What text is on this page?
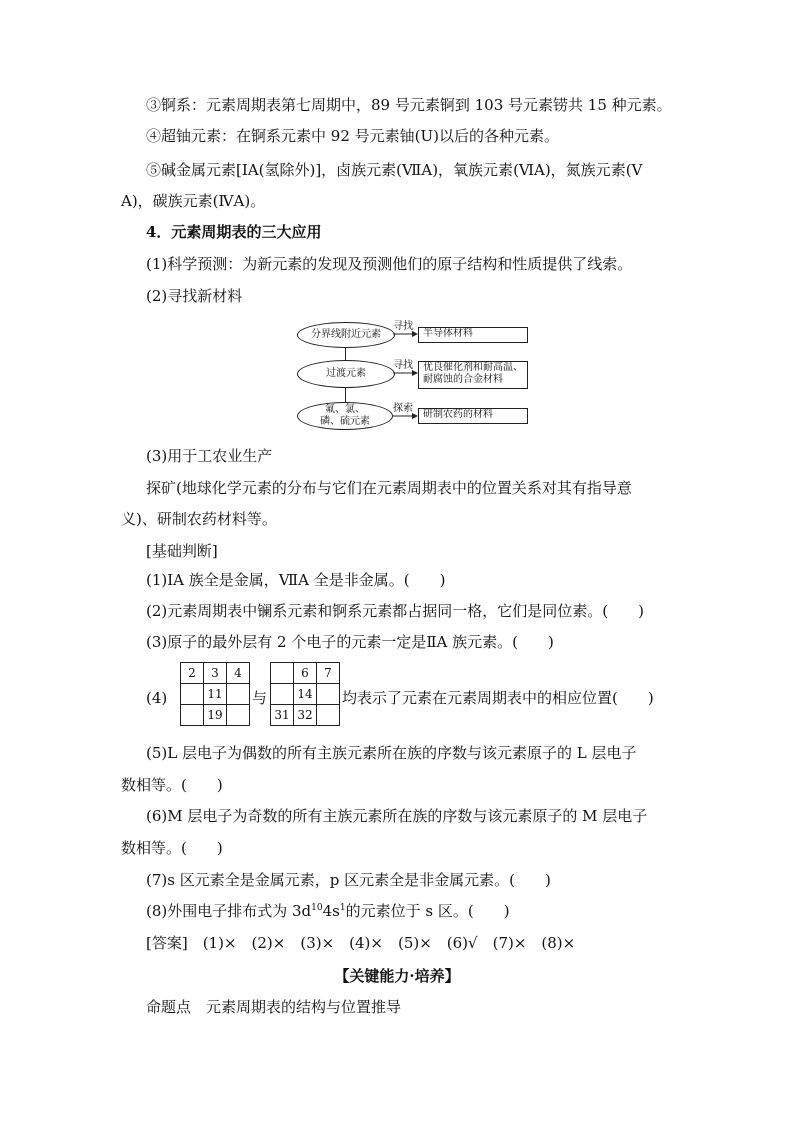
③锕系：元素周期表第七周期中，89 号元素锕到 103 号元素铹共 15 种元素。
④超铀元素：在锕系元素中 92 号元素铀(U)以后的各种元素。
⑤碱金属元素[ⅠA(氢除外)]，卤族元素(ⅦA)，氧族元素(ⅥA)，氮族元素(Ⅴ
A)，碳族元素(ⅣA)。
4．元素周期表的三大应用
(1)科学预测：为新元素的发现及预测他们的原子结构和性质提供了线索。
(2)寻找新材料
分界线附近元素
过渡元素
氟、氯、磷、硫元素
寻找
寻找
探索
半导体材料
优良催化剂和耐高温、耐腐蚀的合金材料
研制农药的材料
(3)用于工农业生产
探矿(地球化学元素的分布与它们在元素周期表中的位置关系对其有指导意
义)、研制农药材料等。
[基础判断]
(1)ⅠA 族全是金属，ⅦA 全是非金属。(　　)
(2)元素周期表中镧系元素和锕系元素都占据同一格，它们是同位素。(　　)
(3)原子的最外层有 2 个电子的元素一定是ⅡA 族元素。(　　)
(4)
2	3	4
	11	
	19	
与
	6	7
	14	
31	32	
均表示了元素在元素周期表中的相应位置(　　)
(5)L 层电子为偶数的所有主族元素所在族的序数与该元素原子的 L 层电子
数相等。(　　)
(6)M 层电子为奇数的所有主族元素所在族的序数与该元素原子的 M 层电子
数相等。(　　)
(7)s 区元素全是金属元素，p 区元素全是非金属元素。(　　)
(8)外围电子排布式为 $3d^{10}4s^1$的元素位于 s 区。(　　)
[答案]　(1)×　(2)×　(3)×　(4)×　(5)×　(6)√　(7)×　(8)×
【关键能力·培养】
命题点　元素周期表的结构与位置推导
